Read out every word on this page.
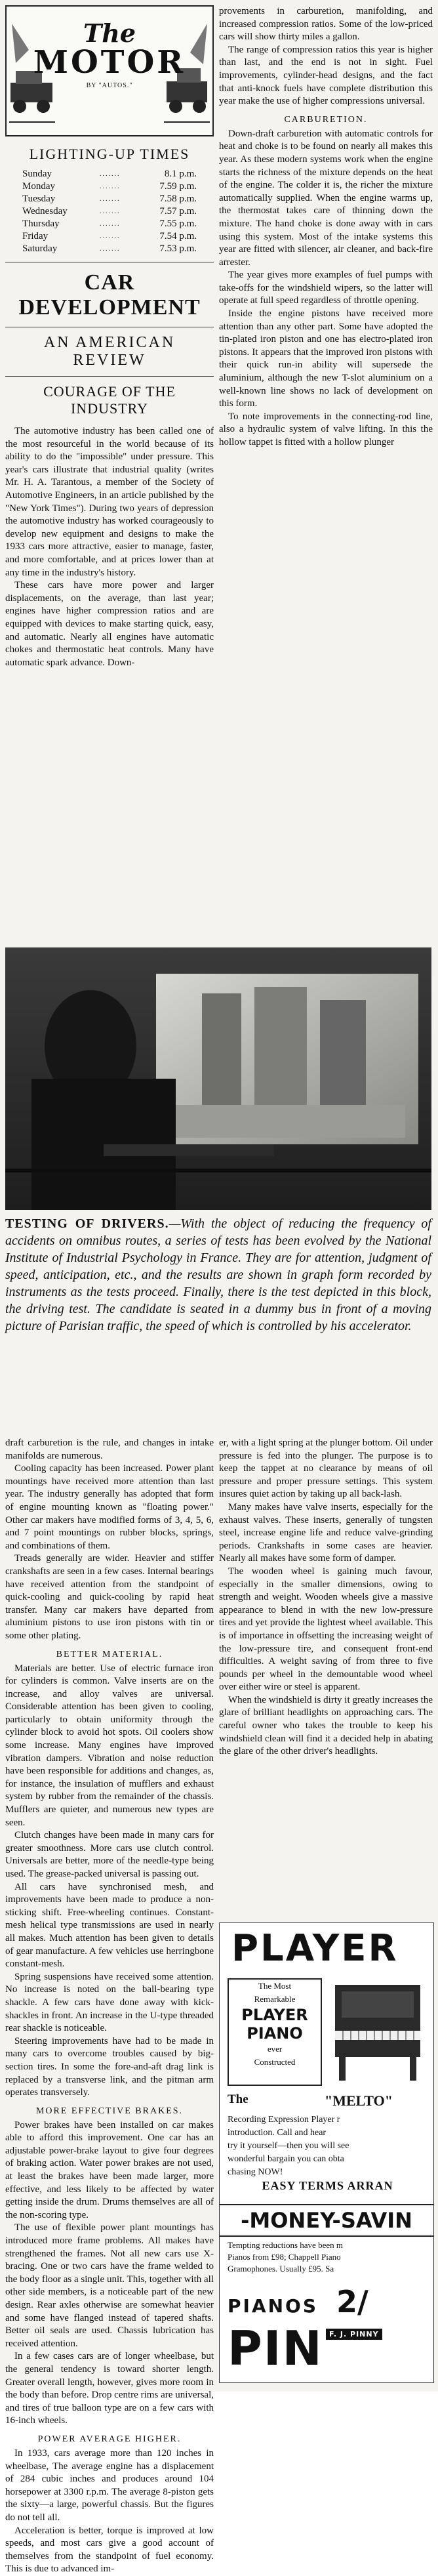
The
MOTOR
BY "AUTOS."
LIGHTING-UP TIMES
Sunday	.......	8.1 p.m.
Monday	.......	7.59 p.m.
Tuesday	.......	7.58 p.m.
Wednesday	.......	7.57 p.m.
Thursday	.......	7.55 p.m.
Friday	.......	7.54 p.m.
Saturday	.......	7.53 p.m.
CAR DEVELOPMENT
AN AMERICAN REVIEW
COURAGE OF THE INDUSTRY

The automotive industry has been called one of the most resourceful in the world because of its ability to do the "impossible" under pressure. This year's cars illustrate that industrial quality (writes Mr. H. A. Tarantous, a member of the Society of Automotive Engineers, in an article published by the "New York Times"). During two years of depression the automotive industry has worked courageously to develop new equipment and designs to make the 1933 cars more attractive, easier to manage, faster, and more comfortable, and at prices lower than at any time in the industry's history.

These cars have more power and larger displacements, on the average, than last year; engines have higher compression ratios and are equipped with devices to make starting quick, easy, and automatic. Nearly all engines have automatic chokes and thermostatic heat controls. Many have automatic spark advance. Down-

provements in carburetion, manifolding, and increased compression ratios. Some of the low-priced cars will show thirty miles a gallon.

The range of compression ratios this year is higher than last, and the end is not in sight. Fuel improvements, cylinder-head designs, and the fact that anti-knock fuels have complete distribution this year make the use of higher compressions universal.

CARBURETION.

Down-draft carburetion with automatic controls for heat and choke is to be found on nearly all makes this year. As these modern systems work when the engine starts the richness of the mixture depends on the heat of the engine. The colder it is, the richer the mixture automatically supplied. When the engine warms up, the thermostat takes care of thinning down the mixture. The hand choke is done away with in cars using this system. Most of the intake systems this year are fitted with silencer, air cleaner, and back-fire arrester.

The year gives more examples of fuel pumps with take-offs for the windshield wipers, so the latter will operate at full speed regardless of throttle opening.

Inside the engine pistons have received more attention than any other part. Some have adopted the tin-plated iron piston and one has electro-plated iron pistons. It appears that the improved iron pistons with their quick run-in ability will supersede the aluminium, although the new T-slot aluminium on a well-known line shows no lack of development on this form.

To note improvements in the connecting-rod line, also a hydraulic system of valve lifting. In this the hollow tappet is fitted with a hollow plunger

TESTING OF DRIVERS.—With the object of reducing the frequency of accidents on omnibus routes, a series of tests has been evolved by the National Institute of Industrial Psychology in France. They are for attention, judgment of speed, anticipation, etc., and the results are shown in graph form recorded by instruments as the tests proceed. Finally, there is the test depicted in this block, the driving test. The candidate is seated in a dummy bus in front of a moving picture of Parisian traffic, the speed of which is controlled by his accelerator.

draft carburetion is the rule, and changes in intake manifolds are numerous.

Cooling capacity has been increased. Power plant mountings have received more attention than last year. The industry generally has adopted that form of engine mounting known as "floating power." Other car makers have modified forms of 3, 4, 5, 6, and 7 point mountings on rubber blocks, springs, and combinations of them.

Treads generally are wider. Heavier and stiffer crankshafts are seen in a few cases. Internal bearings have received attention from the standpoint of quick-cooling and quick-cooling by rapid heat transfer. Many car makers have departed from aluminium pistons to use iron pistons with tin or some other plating.

BETTER MATERIAL.

Materials are better. Use of electric furnace iron for cylinders is common. Valve inserts are on the increase, and alloy valves are universal. Considerable attention has been given to cooling, particularly to obtain uniformity through the cylinder block to avoid hot spots. Oil coolers show some increase. Many engines have improved vibration dampers. Vibration and noise reduction have been responsible for additions and changes, as, for instance, the insulation of mufflers and exhaust system by rubber from the remainder of the chassis. Mufflers are quieter, and numerous new types are seen.

Clutch changes have been made in many cars for greater smoothness. More cars use clutch control. Universals are better, more of the needle-type being used. The grease-packed universal is passing out.

All cars have synchronised mesh, and improvements have been made to produce a non-sticking shift. Free-wheeling continues. Constant-mesh helical type transmissions are used in nearly all makes. Much attention has been given to details of gear manufacture. A few vehicles use herringbone constant-mesh.

Spring suspensions have received some attention. No increase is noted on the ball-bearing type shackle. A few cars have done away with kick-shackles in front. An increase in the U-type threaded rear shackle is noticeable.

Steering improvements have had to be made in many cars to overcome troubles caused by big-section tires. In some the fore-and-aft drag link is replaced by a transverse link, and the pitman arm operates transversely.

MORE EFFECTIVE BRAKES.

Power brakes have been installed on car makes able to afford this improvement. One car has an adjustable power-brake layout to give four degrees of braking action. Water power brakes are not used, at least the brakes have been made larger, more effective, and less likely to be affected by water getting inside the drum. Drums themselves are all of the non-scoring type.

The use of flexible power plant mountings has introduced more frame problems. All makes have strengthened the frames. Not all new cars use X-bracing. One or two cars have the frame welded to the body floor as a single unit. This, together with all other side members, is a noticeable part of the new design. Rear axles otherwise are somewhat heavier and some have flanged instead of tapered shafts. Better oil seals are used. Chassis lubrication has received attention.

In a few cases cars are of longer wheelbase, but the general tendency is toward shorter length. Greater overall length, however, gives more room in the body than before. Drop centre rims are universal, and tires of true balloon type are on a few cars with 16-inch wheels.

POWER AVERAGE HIGHER.

In 1933, cars average more than 120 inches in wheelbase, The average engine has a displacement of 284 cubic inches and produces around 104 horsepower at 3300 r.p.m. The average 8-piston gets the sixty—a large, powerful chassis. But the figures do not tell all.

Acceleration is better, torque is improved at low speeds, and most cars give a good account of themselves from the standpoint of fuel economy. This is due to advanced im-

er, with a light spring at the plunger bottom. Oil under pressure is fed into the plunger. The purpose is to keep the tappet at no clearance by means of oil pressure and proper pressure settings. This system insures quiet action by taking up all back-lash.

Many makes have valve inserts, especially for the exhaust valves. These inserts, generally of tungsten steel, increase engine life and reduce valve-grinding periods. Crankshafts in some cases are heavier. Nearly all makes have some form of damper.

The wooden wheel is gaining much favour, especially in the smaller dimensions, owing to strength and weight. Wooden wheels give a massive appearance to blend in with the new low-pressure tires and yet provide the lightest wheel available. This is of importance in offsetting the increasing weight of the low-pressure tire, and consequent front-end difficulties. A weight saving of from three to five pounds per wheel in the demountable wood wheel over either wire or steel is apparent.

When the windshield is dirty it greatly increases the glare of brilliant headlights on approaching cars. The careful owner who takes the trouble to keep his windshield clean will find it a decided help in abating the glare of the other driver's headlights.

PLAYER
The Most
Remarkable
PLAYER
PIANO
ever
Constructed
The	"MELTO"
Recording Expression Player r
introduction. Call and hear
try it yourself—then you will see
wonderful bargain you can obta
chasing NOW!
EASY TERMS ARRAN
-MONEY-SAVIN
Tempting reductions have been m
Pianos from £98; Chappell Piano
Gramophones. Usually £95. Sa
PIANOS 2/
PIN F. J. PINNY
